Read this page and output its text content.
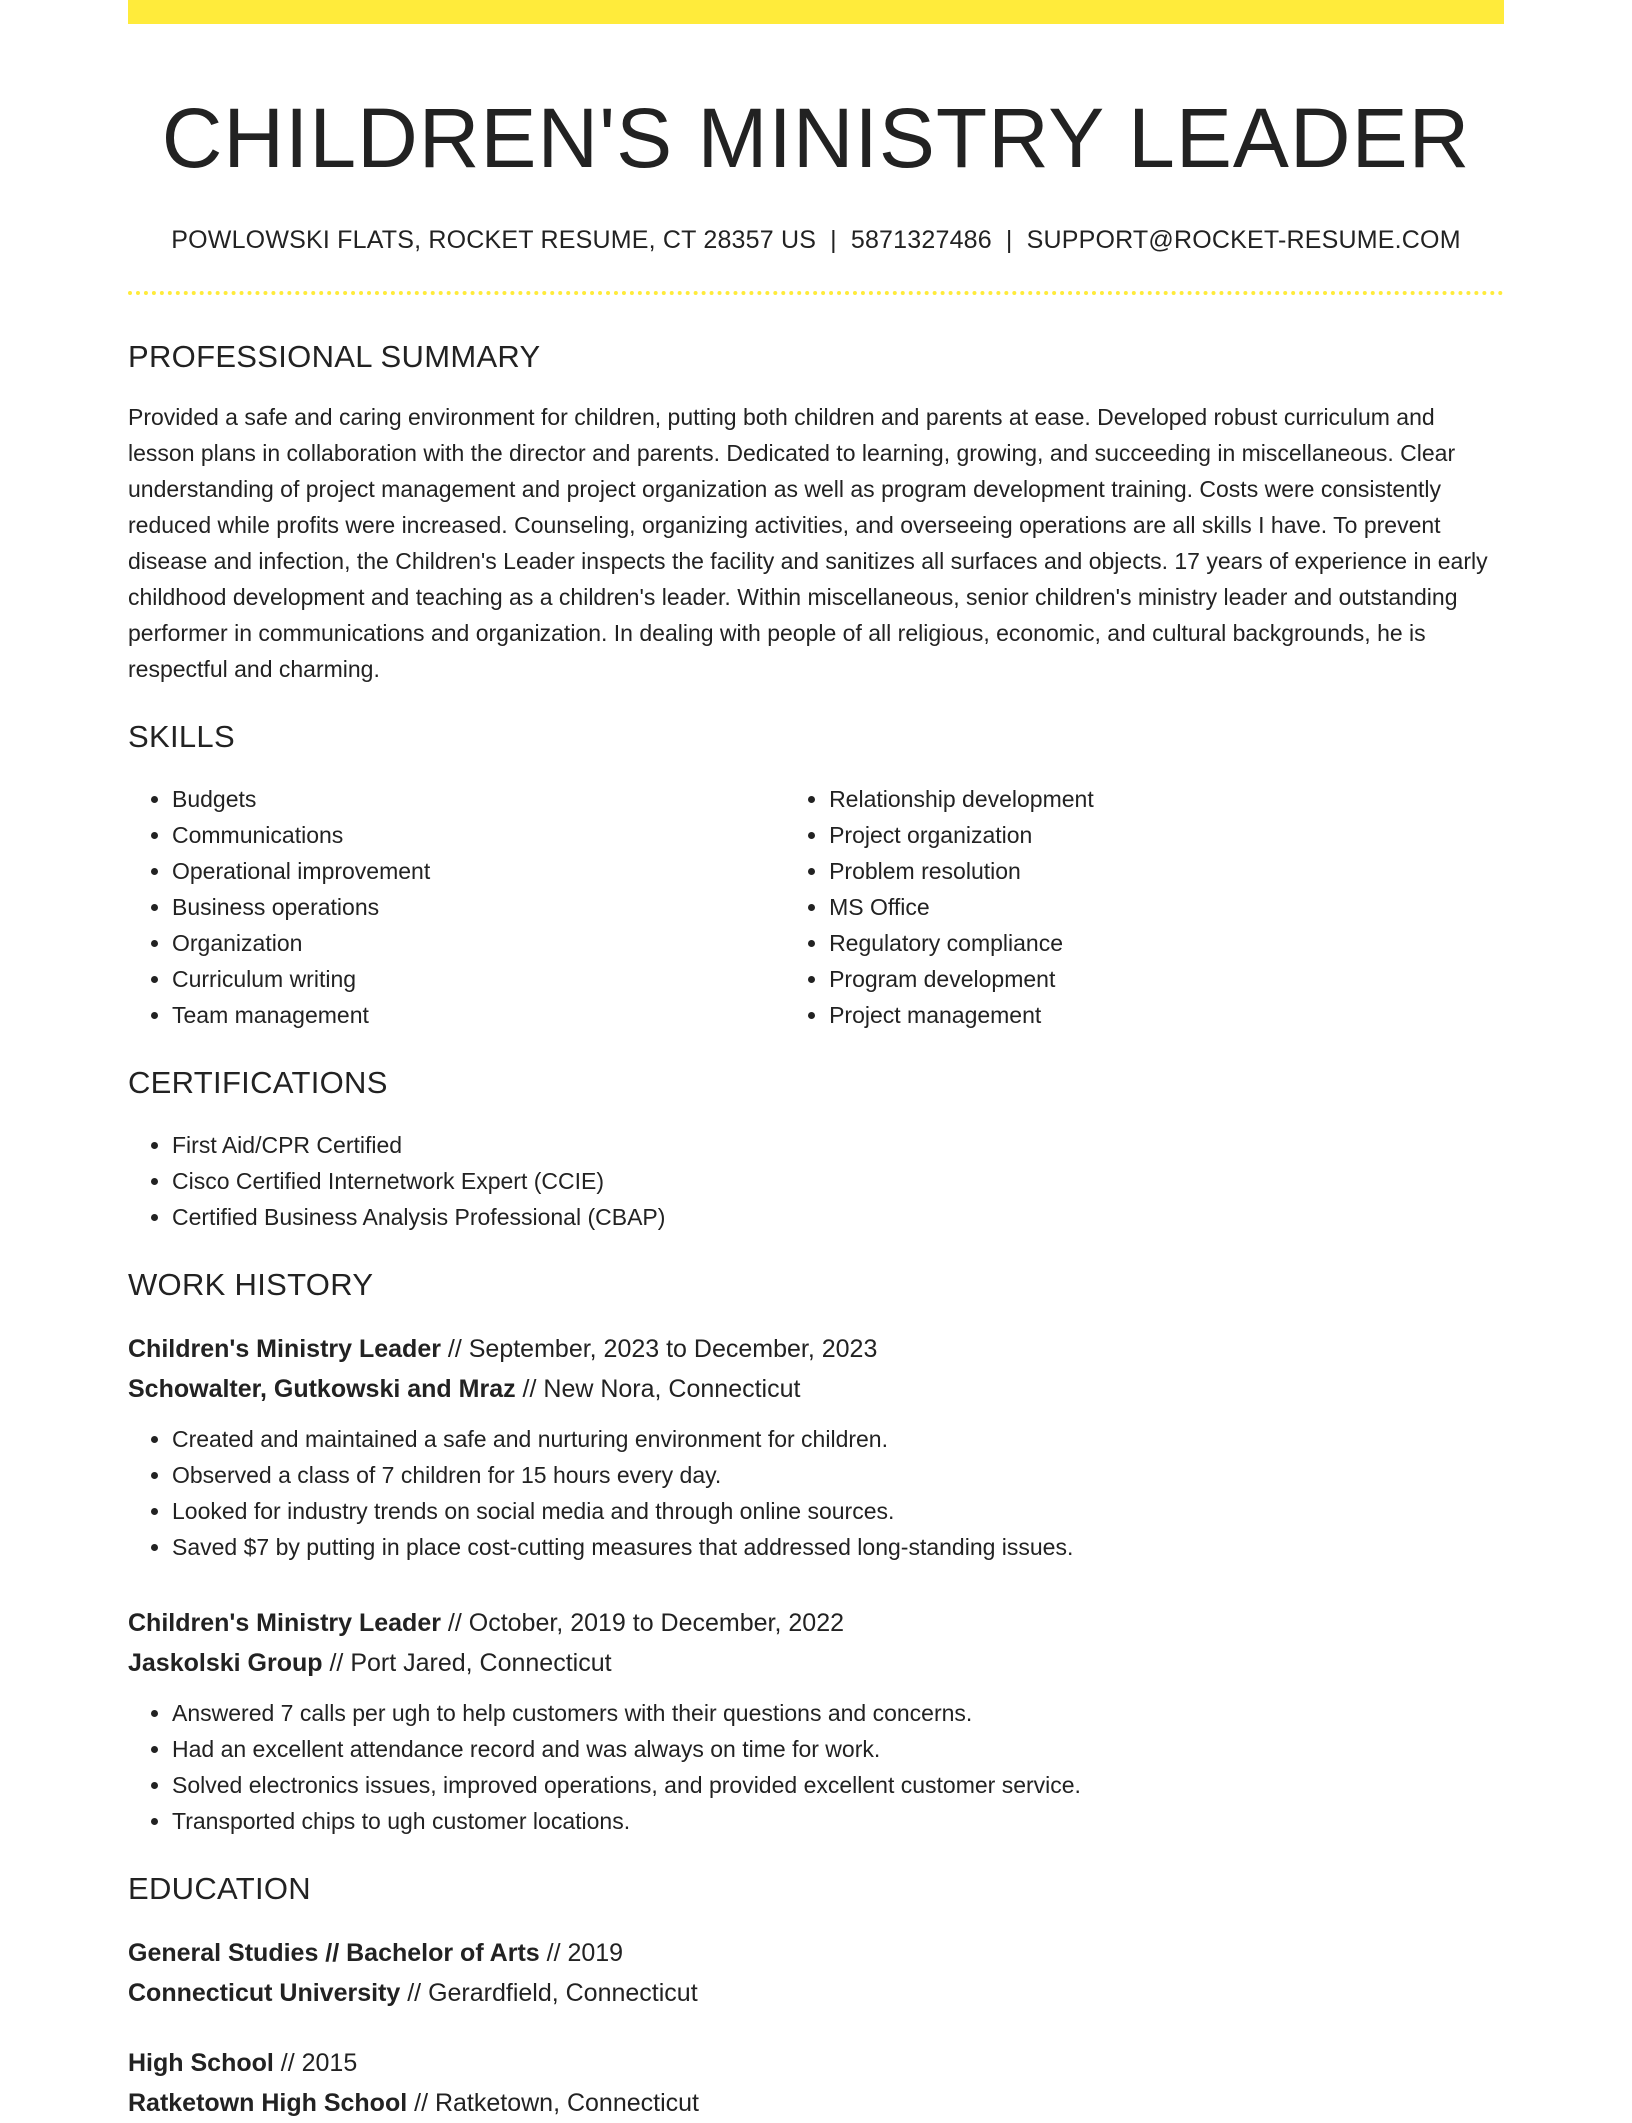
CHILDREN'S MINISTRY LEADER
POWLOWSKI FLATS, ROCKET RESUME, CT 28357 US | 5871327486 | SUPPORT@ROCKET-RESUME.COM
PROFESSIONAL SUMMARY
Provided a safe and caring environment for children, putting both children and parents at ease. Developed robust curriculum and lesson plans in collaboration with the director and parents. Dedicated to learning, growing, and succeeding in miscellaneous. Clear understanding of project management and project organization as well as program development training. Costs were consistently reduced while profits were increased. Counseling, organizing activities, and overseeing operations are all skills I have. To prevent disease and infection, the Children's Leader inspects the facility and sanitizes all surfaces and objects. 17 years of experience in early childhood development and teaching as a children's leader. Within miscellaneous, senior children's ministry leader and outstanding performer in communications and organization. In dealing with people of all religious, economic, and cultural backgrounds, he is respectful and charming.
SKILLS
• Budgets
• Communications
• Operational improvement
• Business operations
• Organization
• Curriculum writing
• Team management
• Relationship development
• Project organization
• Problem resolution
• MS Office
• Regulatory compliance
• Program development
• Project management
CERTIFICATIONS
• First Aid/CPR Certified
• Cisco Certified Internetwork Expert (CCIE)
• Certified Business Analysis Professional (CBAP)
WORK HISTORY
Children's Ministry Leader // September, 2023 to December, 2023
Schowalter, Gutkowski and Mraz // New Nora, Connecticut
• Created and maintained a safe and nurturing environment for children.
• Observed a class of 7 children for 15 hours every day.
• Looked for industry trends on social media and through online sources.
• Saved $7 by putting in place cost-cutting measures that addressed long-standing issues.
Children's Ministry Leader // October, 2019 to December, 2022
Jaskolski Group // Port Jared, Connecticut
• Answered 7 calls per ugh to help customers with their questions and concerns.
• Had an excellent attendance record and was always on time for work.
• Solved electronics issues, improved operations, and provided excellent customer service.
• Transported chips to ugh customer locations.
EDUCATION
General Studies // Bachelor of Arts // 2019
Connecticut University // Gerardfield, Connecticut
High School // 2015
Ratketown High School // Ratketown, Connecticut
